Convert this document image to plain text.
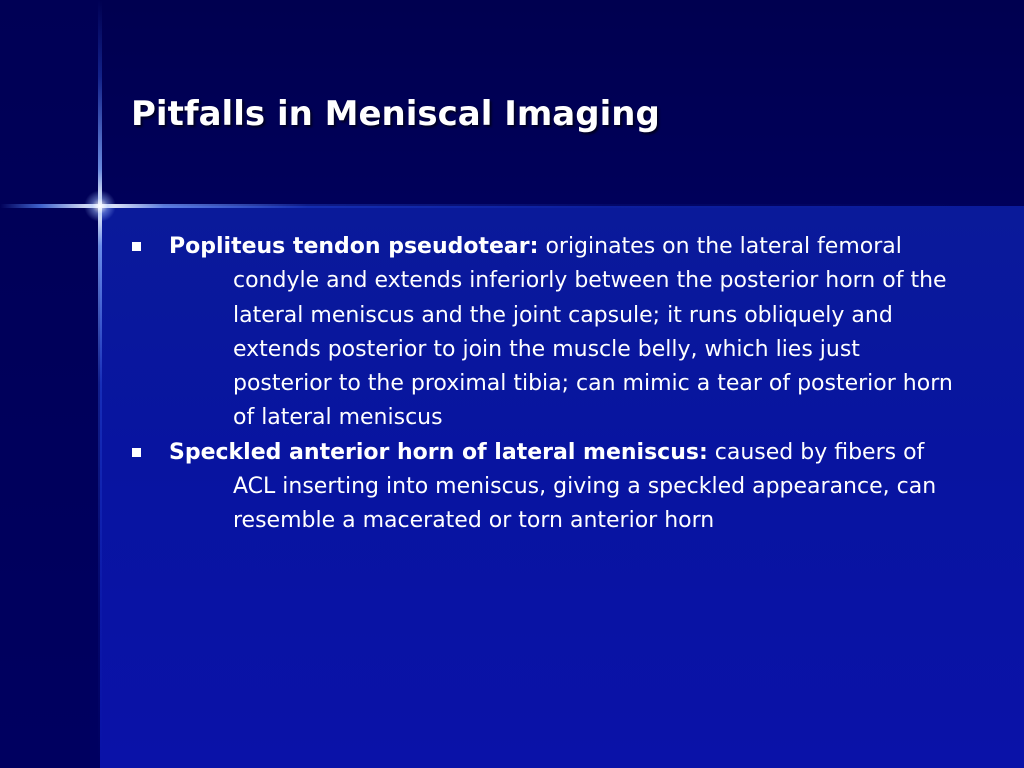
Pitfalls in Meniscal Imaging
Popliteus tendon pseudotear: originates on the lateral femoral condyle and extends inferiorly between the posterior horn of the lateral meniscus and the joint capsule; it runs obliquely and extends posterior to join the muscle belly, which lies just posterior to the proximal tibia; can mimic a tear of posterior horn of lateral meniscus
Speckled anterior horn of lateral meniscus: caused by fibers of ACL inserting into meniscus, giving a speckled appearance, can resemble a macerated or torn anterior horn
